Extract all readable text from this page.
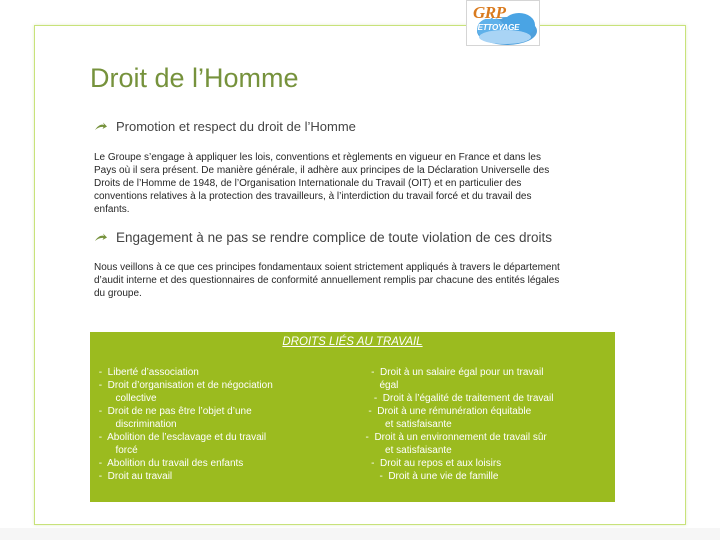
GRP
NETTOYAGE
Droit de l’Homme
Promotion et respect du droit de l’Homme

Le Groupe s’engage à appliquer les lois, conventions et règlements en vigueur en France et dans les
Pays où il sera présent. De manière générale, il adhère aux principes de la Déclaration Universelle des
Droits de l’Homme de 1948, de l’Organisation Internationale du Travail (OIT) et en particulier des
conventions relatives à la protection des travailleurs, à l’interdiction du travail forcé et du travail des
enfants.

Engagement à ne pas se rendre complice de toute violation de ces droits

Nous veillons à ce que ces principes fondamentaux soient strictement appliqués à travers le département
d’audit interne et des questionnaires de conformité annuellement remplis par chacune des entités légales
du groupe.

DROITS LIÉS AU TRAVAIL
-  Liberté d’association
-  Droit d’organisation et de négociation
collective
-  Droit de ne pas être l’objet d’une
discrimination
-  Abolition de l’esclavage et du travail
forcé
-  Abolition du travail des enfants
-  Droit au travail
-  Droit à un salaire égal pour un travail
égal
-  Droit à l’égalité de traitement de travail
-  Droit à une rémunération équitable
et satisfaisante
-  Droit à un environnement de travail sûr
et satisfaisante
-  Droit au repos et aux loisirs
-  Droit à une vie de famille
